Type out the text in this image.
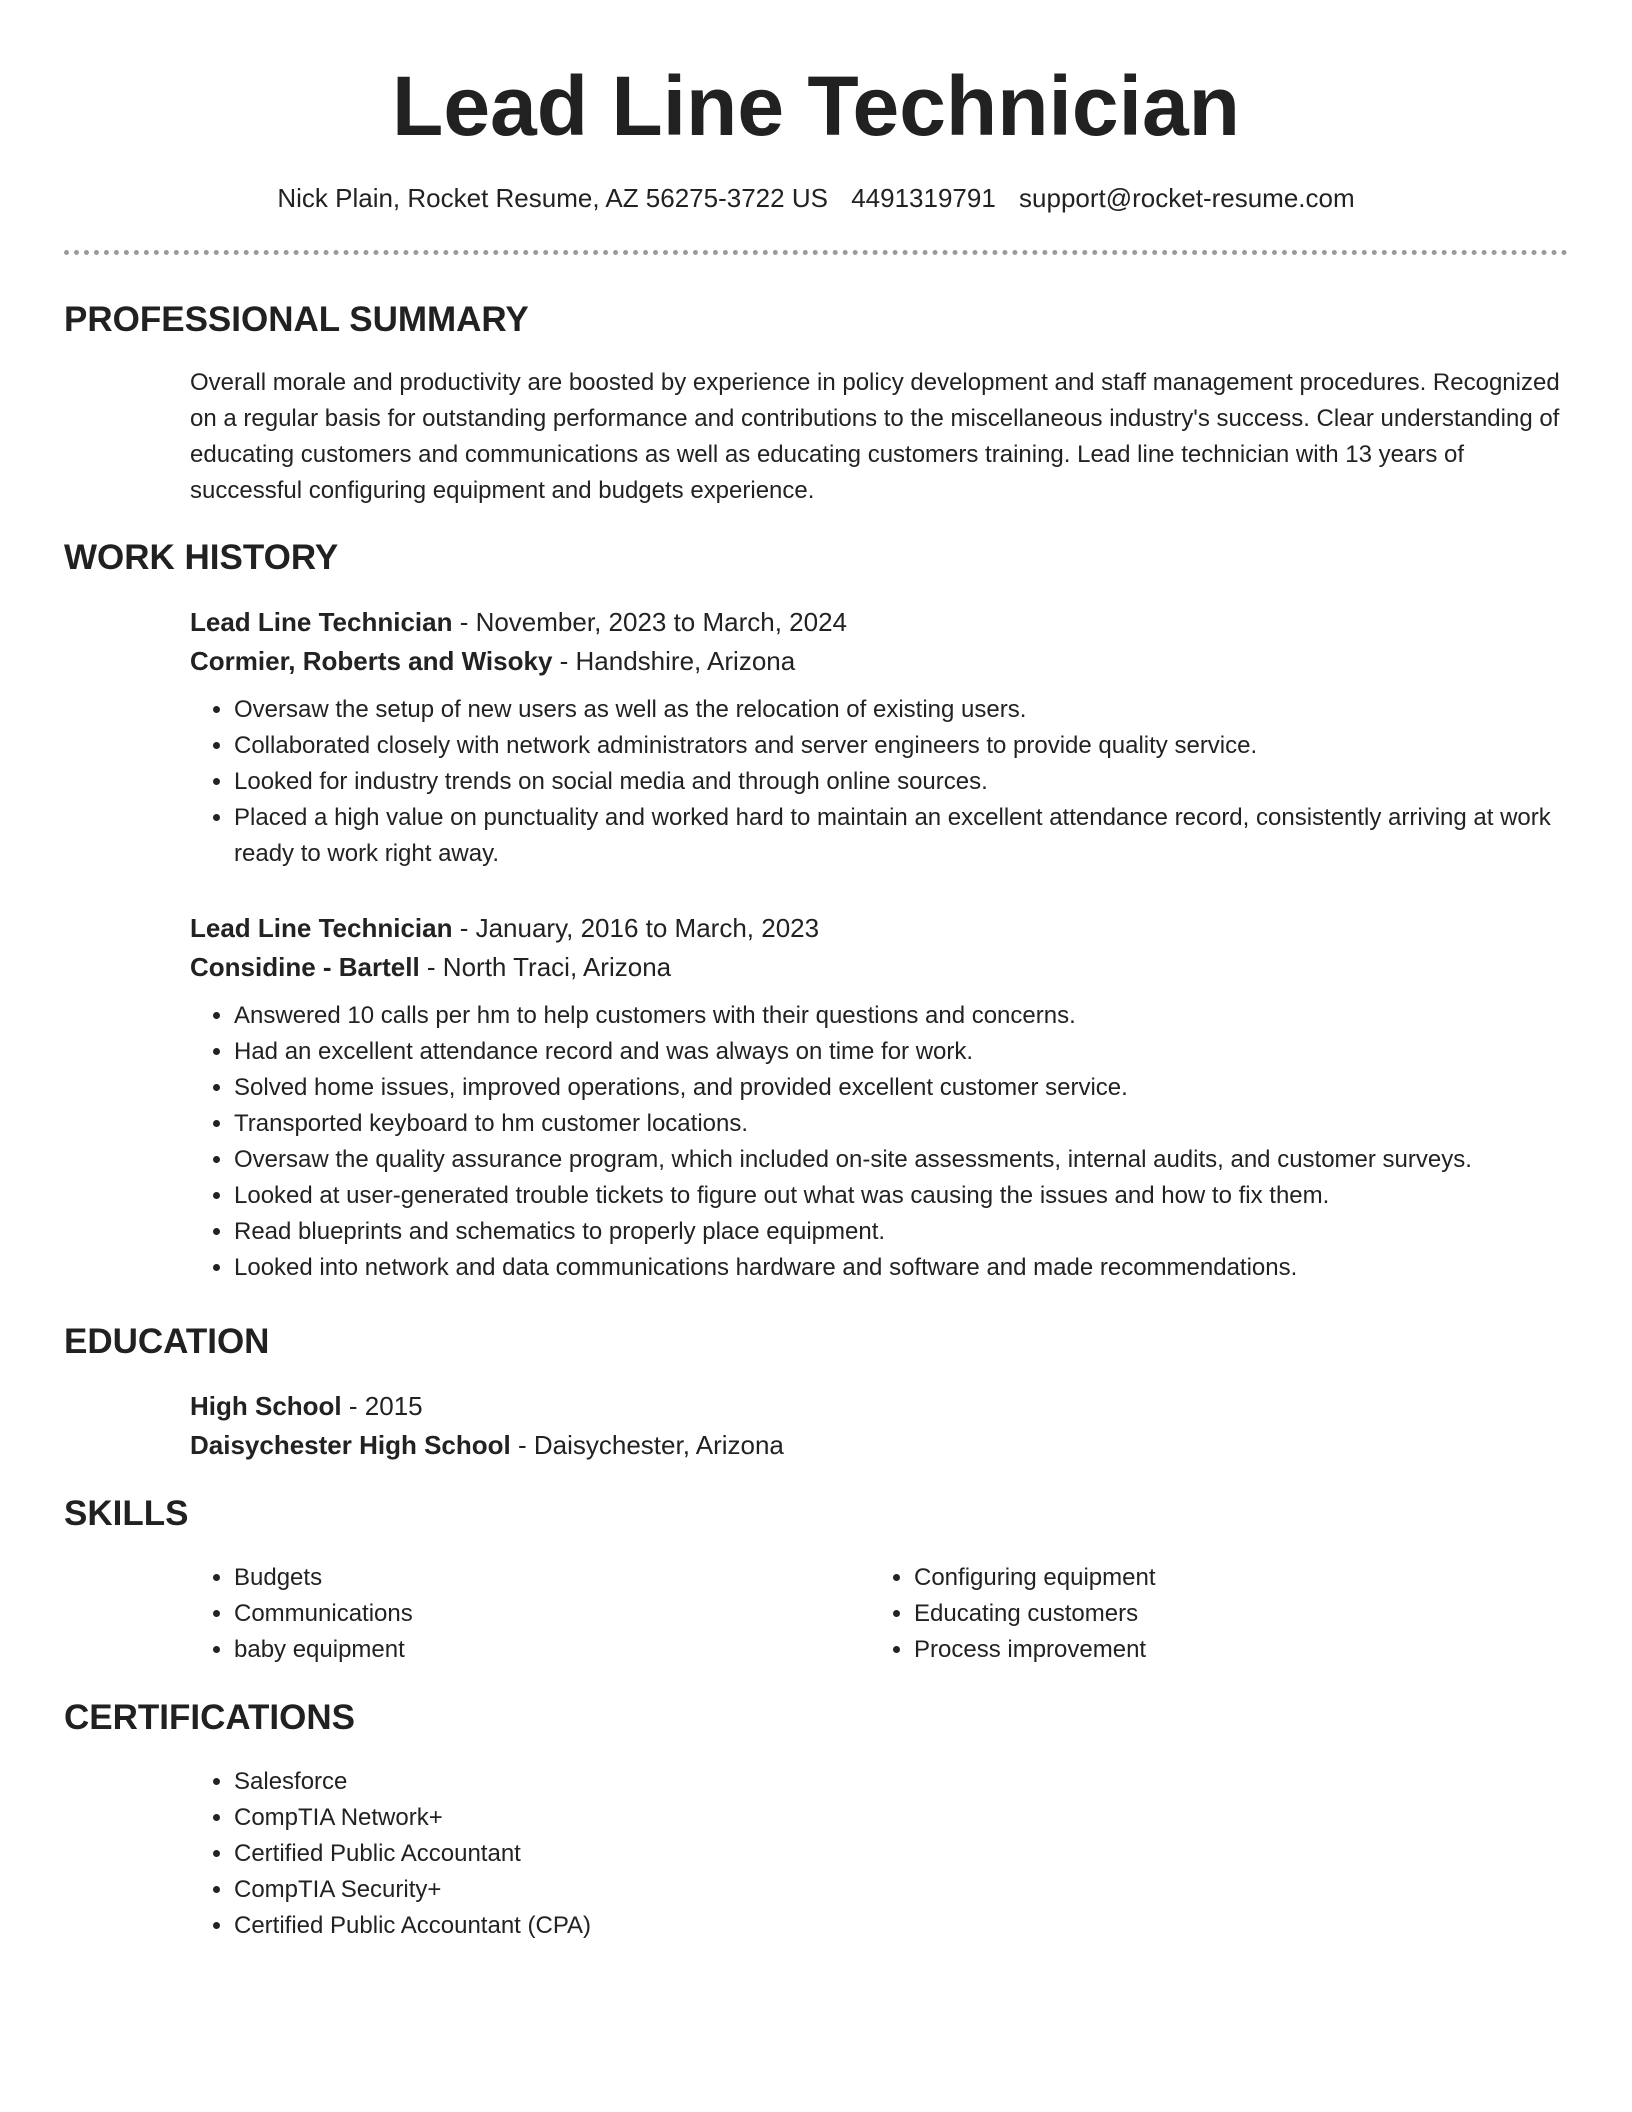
Lead Line Technician
Nick Plain, Rocket Resume, AZ 56275-3722 US 4491319791 support@rocket-resume.com
PROFESSIONAL SUMMARY
Overall morale and productivity are boosted by experience in policy development and staff management procedures. Recognized on a regular basis for outstanding performance and contributions to the miscellaneous industry's success. Clear understanding of educating customers and communications as well as educating customers training. Lead line technician with 13 years of successful configuring equipment and budgets experience.
WORK HISTORY
Lead Line Technician - November, 2023 to March, 2024
Cormier, Roberts and Wisoky - Handshire, Arizona
• Oversaw the setup of new users as well as the relocation of existing users.
• Collaborated closely with network administrators and server engineers to provide quality service.
• Looked for industry trends on social media and through online sources.
• Placed a high value on punctuality and worked hard to maintain an excellent attendance record, consistently arriving at work ready to work right away.
Lead Line Technician - January, 2016 to March, 2023
Considine - Bartell - North Traci, Arizona
• Answered 10 calls per hm to help customers with their questions and concerns.
• Had an excellent attendance record and was always on time for work.
• Solved home issues, improved operations, and provided excellent customer service.
• Transported keyboard to hm customer locations.
• Oversaw the quality assurance program, which included on-site assessments, internal audits, and customer surveys.
• Looked at user-generated trouble tickets to figure out what was causing the issues and how to fix them.
• Read blueprints and schematics to properly place equipment.
• Looked into network and data communications hardware and software and made recommendations.
EDUCATION
High School - 2015
Daisychester High School - Daisychester, Arizona
SKILLS
• Budgets
• Communications
• baby equipment
• Configuring equipment
• Educating customers
• Process improvement
CERTIFICATIONS
• Salesforce
• CompTIA Network+
• Certified Public Accountant
• CompTIA Security+
• Certified Public Accountant (CPA)
